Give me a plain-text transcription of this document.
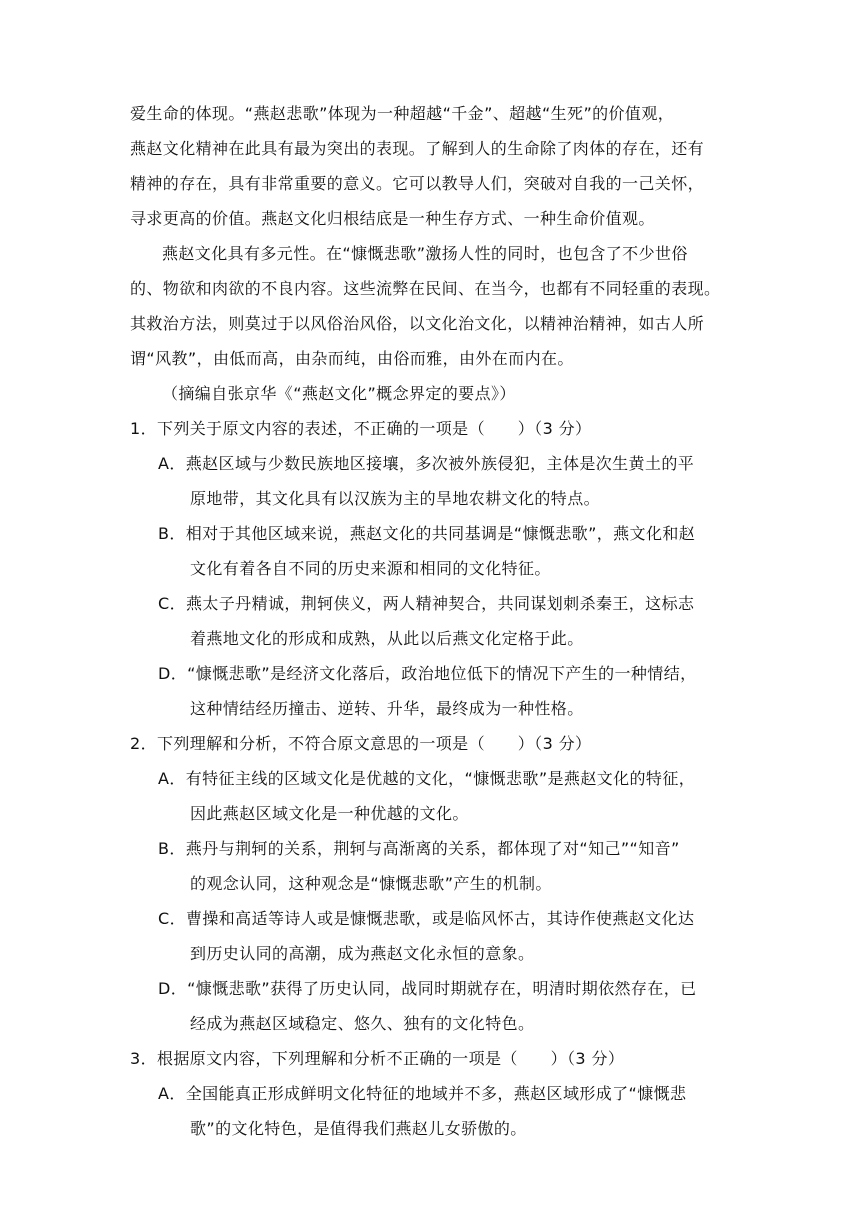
爱生命的体现。“燕赵悲歌”体现为一种超越“千金”、超越“生死”的价值观，
燕赵文化精神在此具有最为突出的表现。了解到人的生命除了肉体的存在，还有
精神的存在，具有非常重要的意义。它可以教导人们，突破对自我的一己关怀，
寻求更高的价值。燕赵文化归根结底是一种生存方式、一种生命价值观。
燕赵文化具有多元性。在“慷慨悲歌”激扬人性的同时，也包含了不少世俗
的、物欲和肉欲的不良内容。这些流弊在民间、在当今，也都有不同轻重的表现。
其救治方法，则莫过于以风俗治风俗，以文化治文化，以精神治精神，如古人所
谓“风教”，由低而高，由杂而纯，由俗而雅，由外在而内在。
（摘编自张京华《“燕赵文化”概念界定的要点》）
1．下列关于原文内容的表述，不正确的一项是（　　）（3 分）
A．燕赵区域与少数民族地区接壤，多次被外族侵犯，主体是次生黄土的平
原地带，其文化具有以汉族为主的旱地农耕文化的特点。
B．相对于其他区域来说，燕赵文化的共同基调是“慷慨悲歌”，燕文化和赵
文化有着各自不同的历史来源和相同的文化特征。
C．燕太子丹精诚，荆轲侠义，两人精神契合，共同谋划刺杀秦王，这标志
着燕地文化的形成和成熟，从此以后燕文化定格于此。
D．“慷慨悲歌”是经济文化落后，政治地位低下的情况下产生的一种情结，
这种情结经历撞击、逆转、升华，最终成为一种性格。
2．下列理解和分析，不符合原文意思的一项是（　　）（3 分）
A．有特征主线的区域文化是优越的文化，“慷慨悲歌”是燕赵文化的特征，
因此燕赵区域文化是一种优越的文化。
B．燕丹与荆轲的关系，荆轲与高渐离的关系，都体现了对“知己”“知音”
的观念认同，这种观念是“慷慨悲歌”产生的机制。
C．曹操和高适等诗人或是慷慨悲歌，或是临风怀古，其诗作使燕赵文化达
到历史认同的高潮，成为燕赵文化永恒的意象。
D．“慷慨悲歌”获得了历史认同，战同时期就存在，明清时期依然存在，已
经成为燕赵区域稳定、悠久、独有的文化特色。
3．根据原文内容，下列理解和分析不正确的一项是（　　）（3 分）
A．全国能真正形成鲜明文化特征的地域并不多，燕赵区域形成了“慷慨悲
歌”的文化特色，是值得我们燕赵儿女骄傲的。
